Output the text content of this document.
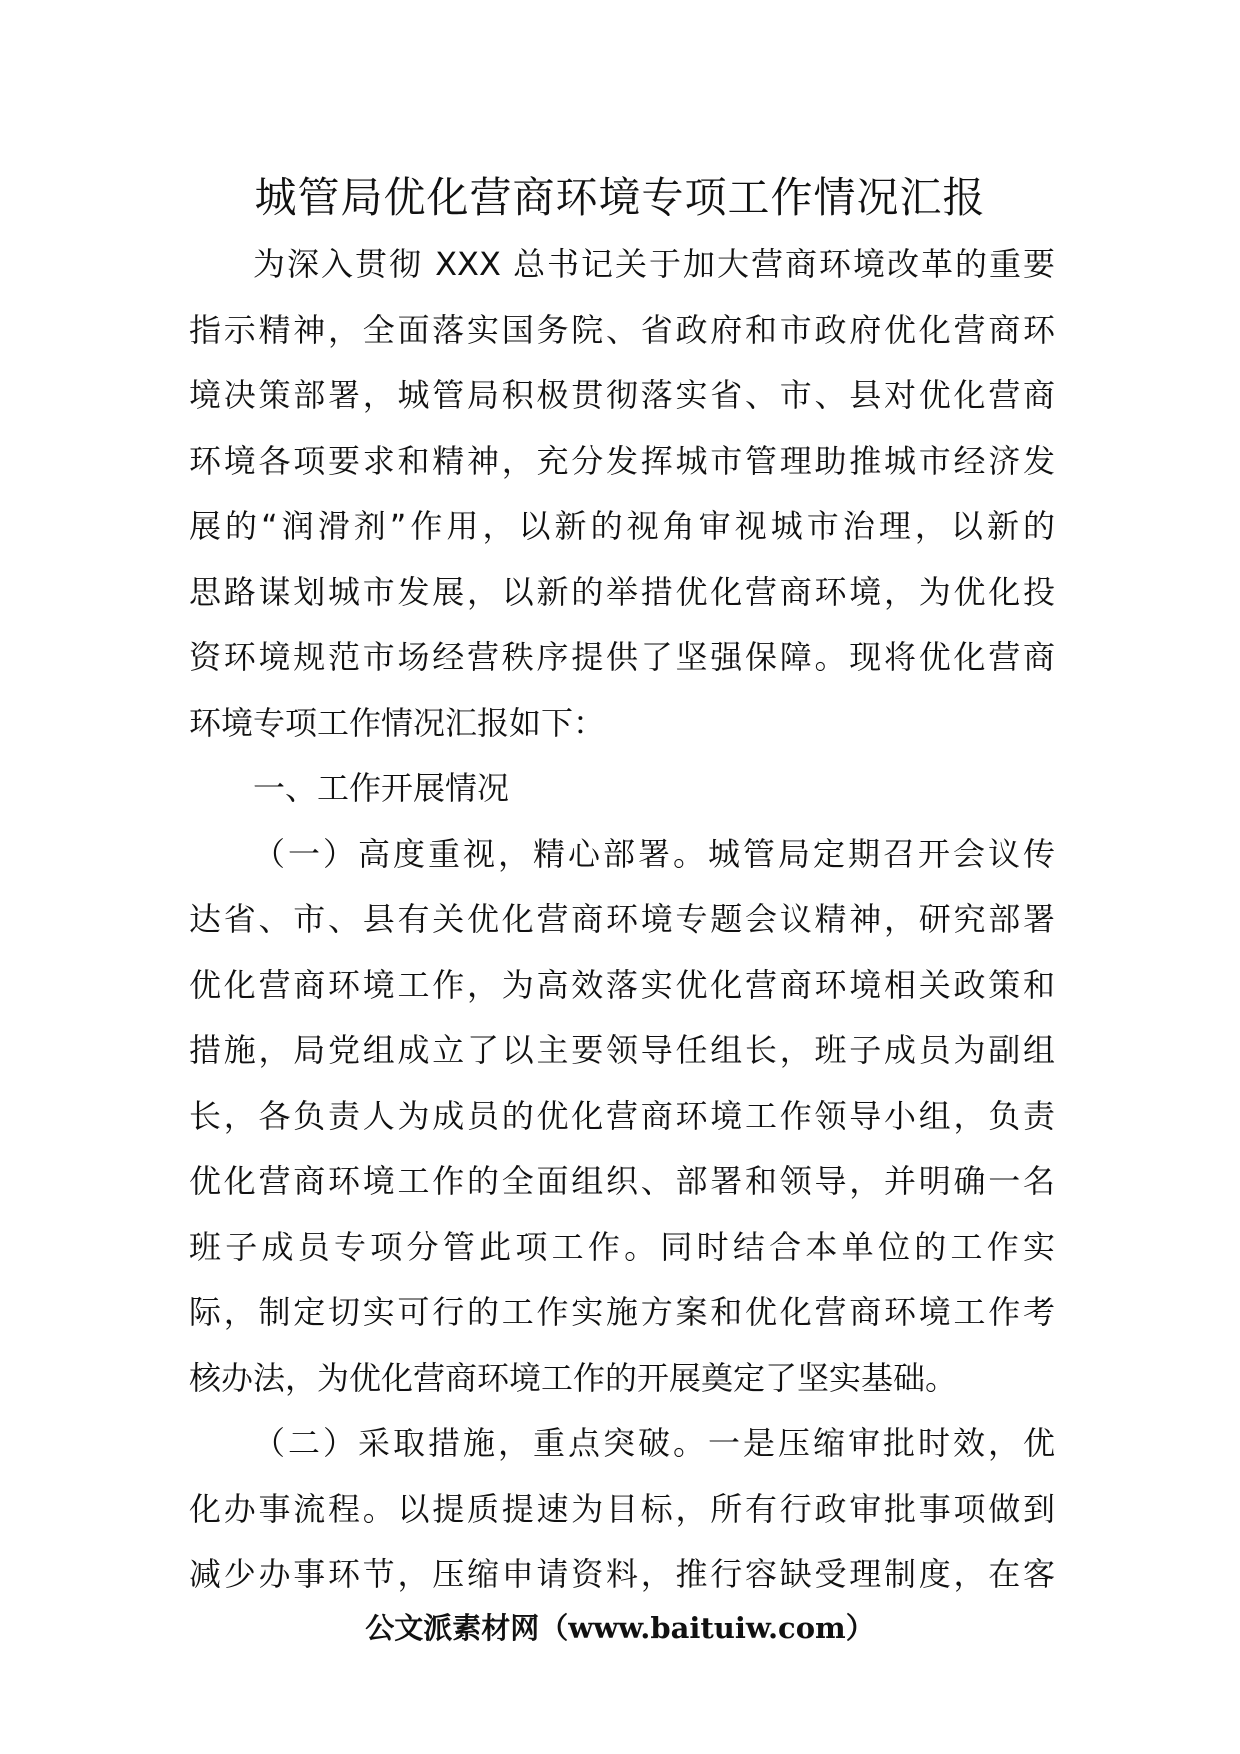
城管局优化营商环境专项工作情况汇报
为深入贯彻 XXX 总书记关于加大营商环境改革的重要
指示精神，全面落实国务院、省政府和市政府优化营商环
境决策部署，城管局积极贯彻落实省、市、县对优化营商
环境各项要求和精神，充分发挥城市管理助推城市经济发
展的“润滑剂”作用，以新的视角审视城市治理，以新的
思路谋划城市发展，以新的举措优化营商环境，为优化投
资环境规范市场经营秩序提供了坚强保障。现将优化营商
环境专项工作情况汇报如下：
一、工作开展情况
（一）高度重视，精心部署。城管局定期召开会议传
达省、市、县有关优化营商环境专题会议精神，研究部署
优化营商环境工作，为高效落实优化营商环境相关政策和
措施，局党组成立了以主要领导任组长，班子成员为副组
长，各负责人为成员的优化营商环境工作领导小组，负责
优化营商环境工作的全面组织、部署和领导，并明确一名
班子成员专项分管此项工作。同时结合本单位的工作实
际，制定切实可行的工作实施方案和优化营商环境工作考
核办法，为优化营商环境工作的开展奠定了坚实基础。
（二）采取措施，重点突破。一是压缩审批时效，优
化办事流程。以提质提速为目标，所有行政审批事项做到
减少办事环节，压缩申请资料，推行容缺受理制度，在客
公文派素材网（www.baituiw.com）
